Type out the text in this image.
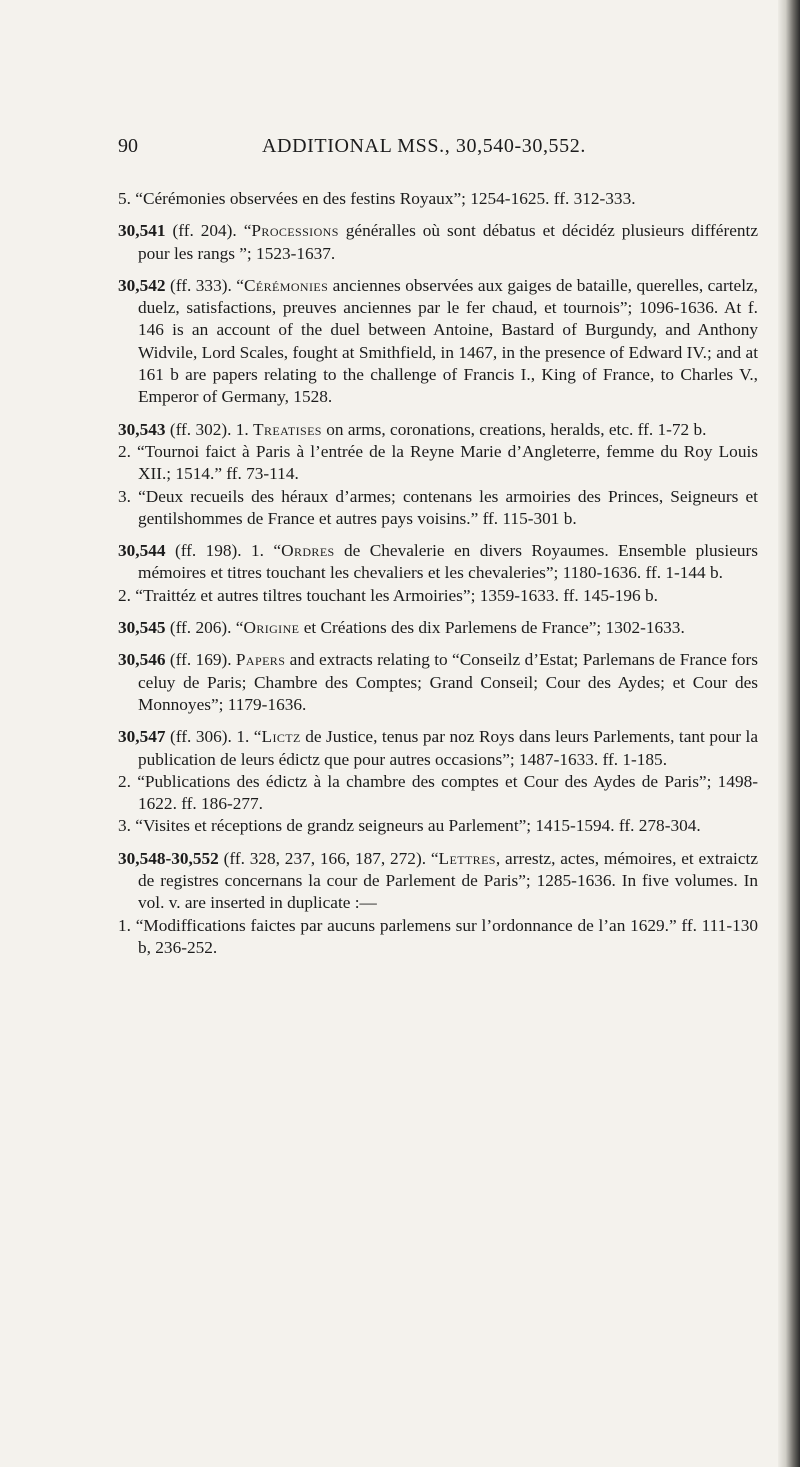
90	ADDITIONAL MSS., 30,540-30,552.

5. “Cérémonies observées en des festins Royaux”; 1254-1625. ff. 312-333.

30,541 (ff. 204). “Processions généralles où sont débatus et décidéz plusieurs différentz pour les rangs ”; 1523-1637.

30,542 (ff. 333). “Cérémonies anciennes observées aux gaiges de bataille, querelles, cartelz, duelz, satisfactions, preuves anciennes par le fer chaud, et tournois”; 1096-1636. At f. 146 is an account of the duel between Antoine, Bastard of Burgundy, and Anthony Widvile, Lord Scales, fought at Smithfield, in 1467, in the presence of Edward IV.; and at 161 b are papers relating to the challenge of Francis I., King of France, to Charles V., Emperor of Germany, 1528.

30,543 (ff. 302). 1. Treatises on arms, coronations, creations, heralds, etc. ff. 1-72 b.

2. “Tournoi faict à Paris à l’entrée de la Reyne Marie d’Angleterre, femme du Roy Louis XII.; 1514.” ff. 73-114.

3. “Deux recueils des héraux d’armes; contenans les armoiries des Princes, Seigneurs et gentilshommes de France et autres pays voisins.” ff. 115-301 b.

30,544 (ff. 198). 1. “Ordres de Chevalerie en divers Royaumes. Ensemble plusieurs mémoires et titres touchant les chevaliers et les chevaleries”; 1180-1636. ff. 1-144 b.

2. “Traittéz et autres tiltres touchant les Armoiries”; 1359-1633. ff. 145-196 b.

30,545 (ff. 206). “Origine et Créations des dix Parlemens de France”; 1302-1633.

30,546 (ff. 169). Papers and extracts relating to “Conseilz d’Estat; Parlemans de France fors celuy de Paris; Chambre des Comptes; Grand Conseil; Cour des Aydes; et Cour des Monnoyes”; 1179-1636.

30,547 (ff. 306). 1. “Lictz de Justice, tenus par noz Roys dans leurs Parlements, tant pour la publication de leurs édictz que pour autres occasions”; 1487-1633. ff. 1-185.

2. “Publications des édictz à la chambre des comptes et Cour des Aydes de Paris”; 1498-1622. ff. 186-277.

3. “Visites et réceptions de grandz seigneurs au Parlement”; 1415-1594. ff. 278-304.

30,548-30,552 (ff. 328, 237, 166, 187, 272). “Lettres, arrestz, actes, mémoires, et extraictz de registres concernans la cour de Parlement de Paris”; 1285-1636. In five volumes. In vol. v. are inserted in duplicate :—

1. “Modiffications faictes par aucuns parlemens sur l’ordonnance de l’an 1629.” ff. 111-130 b, 236-252.
